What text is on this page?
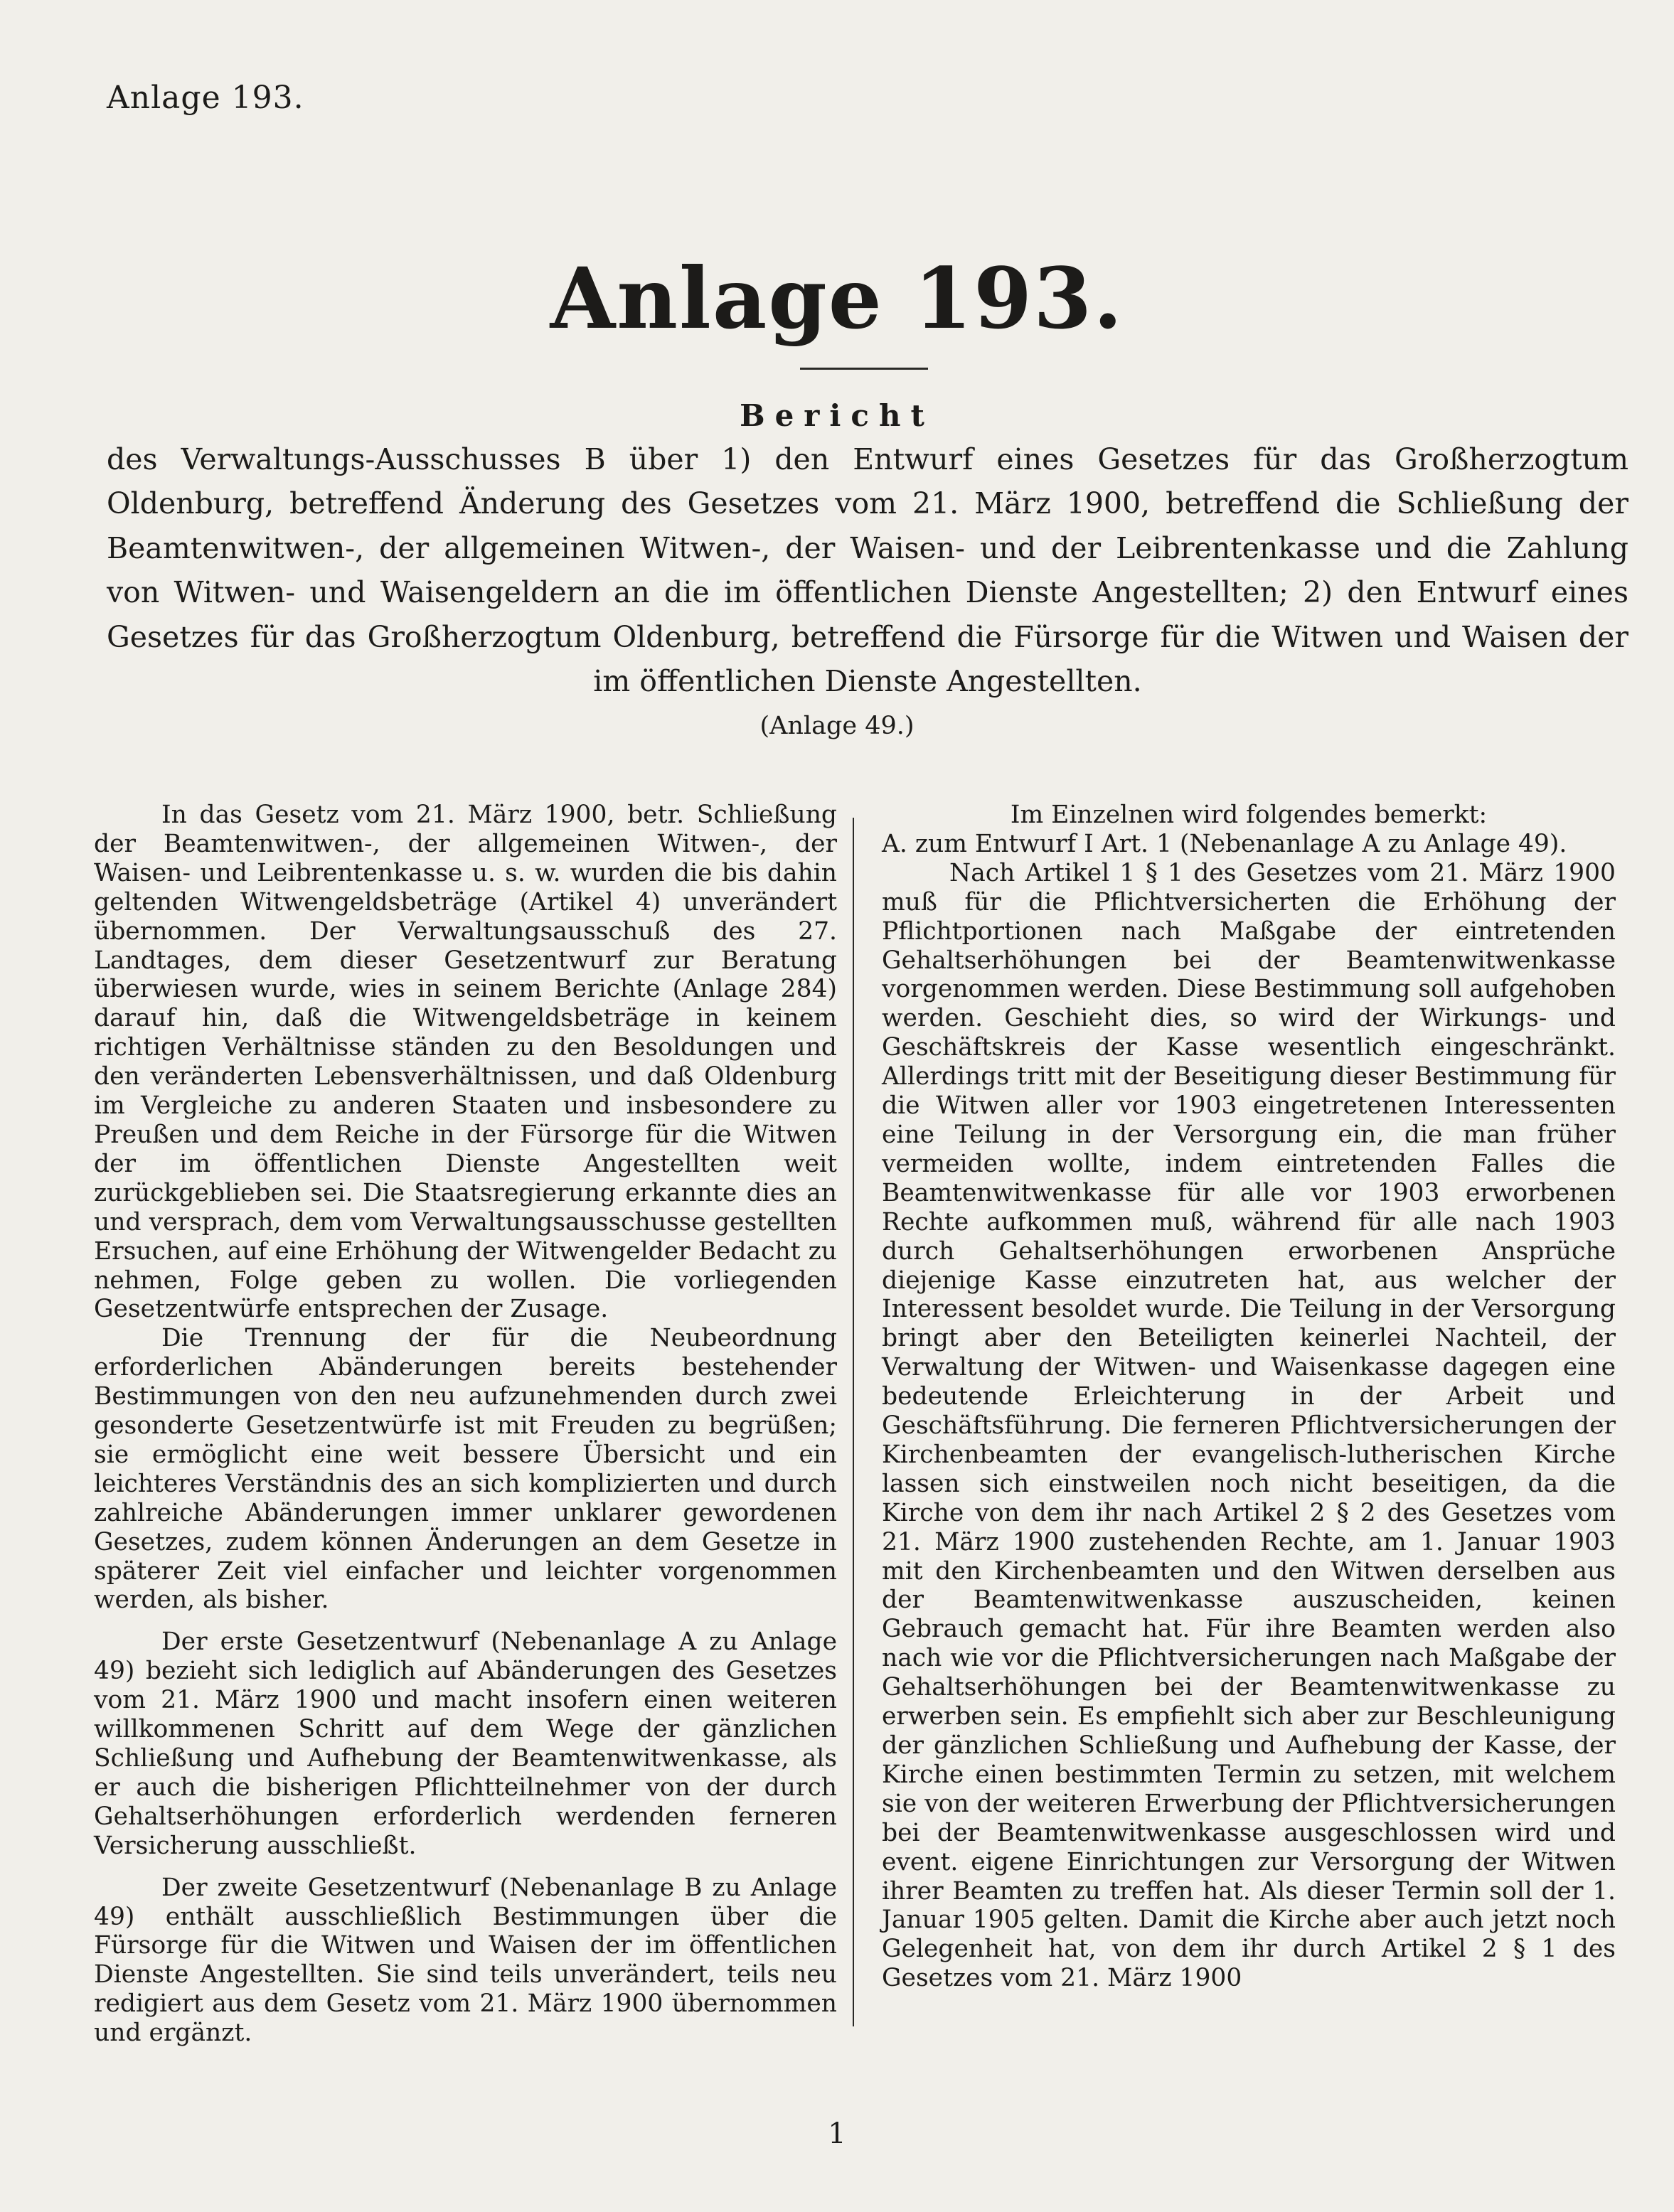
Anlage 193.
Anlage 193.
Bericht
des Verwaltungs-Ausschusses B über 1) den Entwurf eines Gesetzes für das Großherzogtum Oldenburg, betreffend Änderung des Gesetzes vom 21. März 1900, betreffend die Schließung der Beamtenwitwen-, der allgemeinen Witwen-, der Waisen- und der Leibrentenkasse und die Zahlung von Witwen- und Waisengeldern an die im öffentlichen Dienste Angestellten; 2) den Entwurf eines Gesetzes für das Großherzogtum Oldenburg, betreffend die Fürsorge für die Witwen und Waisen der im öffentlichen Dienste Angestellten.
(Anlage 49.)

In das Gesetz vom 21. März 1900, betr. Schließung der Beamtenwitwen-, der allgemeinen Witwen-, der Waisen- und Leibrentenkasse u. s. w. wurden die bis dahin geltenden Witwengeldsbeträge (Artikel 4) unverändert übernommen. Der Verwaltungsausschuß des 27. Landtages, dem dieser Gesetzentwurf zur Beratung überwiesen wurde, wies in seinem Berichte (Anlage 284) darauf hin, daß die Witwengeldsbeträge in keinem richtigen Verhältnisse ständen zu den Besoldungen und den veränderten Lebensverhältnissen, und daß Oldenburg im Vergleiche zu anderen Staaten und insbesondere zu Preußen und dem Reiche in der Fürsorge für die Witwen der im öffentlichen Dienste Angestellten weit zurückgeblieben sei. Die Staatsregierung erkannte dies an und versprach, dem vom Verwaltungsausschusse gestellten Ersuchen, auf eine Erhöhung der Witwengelder Bedacht zu nehmen, Folge geben zu wollen. Die vorliegenden Gesetzentwürfe entsprechen der Zusage.

Die Trennung der für die Neubeordnung erforderlichen Abänderungen bereits bestehender Bestimmungen von den neu aufzunehmenden durch zwei gesonderte Gesetzentwürfe ist mit Freuden zu begrüßen; sie ermöglicht eine weit bessere Übersicht und ein leichteres Verständnis des an sich komplizierten und durch zahlreiche Abänderungen immer unklarer gewordenen Gesetzes, zudem können Änderungen an dem Gesetze in späterer Zeit viel einfacher und leichter vorgenommen werden, als bisher.

Der erste Gesetzentwurf (Nebenanlage A zu Anlage 49) bezieht sich lediglich auf Abänderungen des Gesetzes vom 21. März 1900 und macht insofern einen weiteren willkommenen Schritt auf dem Wege der gänzlichen Schließung und Aufhebung der Beamtenwitwenkasse, als er auch die bisherigen Pflichtteilnehmer von der durch Gehaltserhöhungen erforderlich werdenden ferneren Versicherung ausschließt.

Der zweite Gesetzentwurf (Nebenanlage B zu Anlage 49) enthält ausschließlich Bestimmungen über die Fürsorge für die Witwen und Waisen der im öffentlichen Dienste Angestellten. Sie sind teils unverändert, teils neu redigiert aus dem Gesetz vom 21. März 1900 übernommen und ergänzt.

Im Einzelnen wird folgendes bemerkt:

A. zum Entwurf I Art. 1 (Nebenanlage A zu Anlage 49).

Nach Artikel 1 § 1 des Gesetzes vom 21. März 1900 muß für die Pflichtversicherten die Erhöhung der Pflichtportionen nach Maßgabe der eintretenden Gehaltserhöhungen bei der Beamtenwitwenkasse vorgenommen werden. Diese Bestimmung soll aufgehoben werden. Geschieht dies, so wird der Wirkungs- und Geschäftskreis der Kasse wesentlich eingeschränkt. Allerdings tritt mit der Beseitigung dieser Bestimmung für die Witwen aller vor 1903 eingetretenen Interessenten eine Teilung in der Versorgung ein, die man früher vermeiden wollte, indem eintretenden Falles die Beamtenwitwenkasse für alle vor 1903 erworbenen Rechte aufkommen muß, während für alle nach 1903 durch Gehaltserhöhungen erworbenen Ansprüche diejenige Kasse einzutreten hat, aus welcher der Interessent besoldet wurde. Die Teilung in der Versorgung bringt aber den Beteiligten keinerlei Nachteil, der Verwaltung der Witwen- und Waisenkasse dagegen eine bedeutende Erleichterung in der Arbeit und Geschäftsführung. Die ferneren Pflichtversicherungen der Kirchenbeamten der evangelisch-lutherischen Kirche lassen sich einstweilen noch nicht beseitigen, da die Kirche von dem ihr nach Artikel 2 § 2 des Gesetzes vom 21. März 1900 zustehenden Rechte, am 1. Januar 1903 mit den Kirchenbeamten und den Witwen derselben aus der Beamtenwitwenkasse auszuscheiden, keinen Gebrauch gemacht hat. Für ihre Beamten werden also nach wie vor die Pflichtversicherungen nach Maßgabe der Gehaltserhöhungen bei der Beamtenwitwenkasse zu erwerben sein. Es empfiehlt sich aber zur Beschleunigung der gänzlichen Schließung und Aufhebung der Kasse, der Kirche einen bestimmten Termin zu setzen, mit welchem sie von der weiteren Erwerbung der Pflichtversicherungen bei der Beamtenwitwenkasse ausgeschlossen wird und event. eigene Einrichtungen zur Versorgung der Witwen ihrer Beamten zu treffen hat. Als dieser Termin soll der 1. Januar 1905 gelten. Damit die Kirche aber auch jetzt noch Gelegenheit hat, von dem ihr durch Artikel 2 § 1 des Gesetzes vom 21. März 1900

1
